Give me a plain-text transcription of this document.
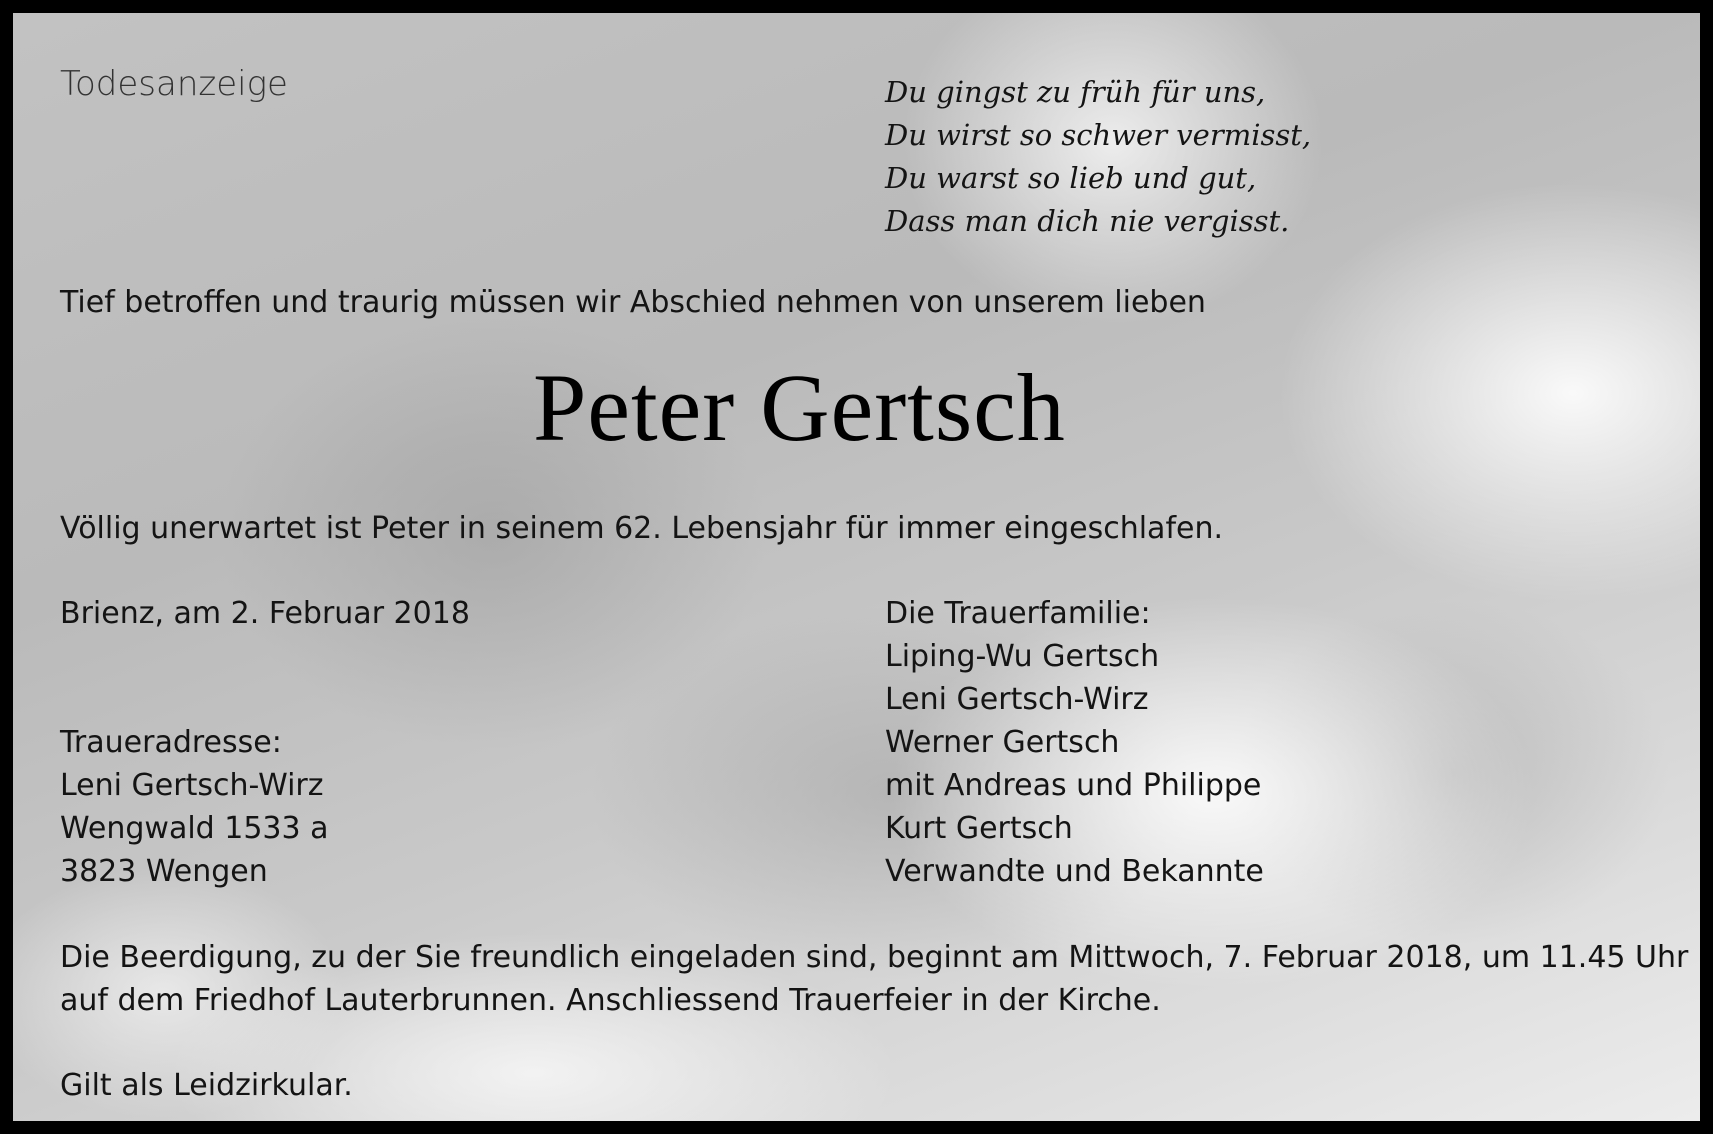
Todesanzeige	Du gingst zu früh für uns,
Du wirst so schwer vermisst,
Du warst so lieb und gut,
Dass man dich nie vergisst.
Tief betroffen und traurig müssen wir Abschied nehmen von unserem lieben
Peter Gertsch
Völlig unerwartet ist Peter in seinem 62. Lebensjahr für immer eingeschlafen.
Brienz, am 2. Februar 2018
Traueradresse:
Leni Gertsch-Wirz
Wengwald 1533 a
3823 Wengen
Die Trauerfamilie:
Liping-Wu Gertsch
Leni Gertsch-Wirz
Werner Gertsch
mit Andreas und Philippe
Kurt Gertsch
Verwandte und Bekannte
Die Beerdigung, zu der Sie freundlich eingeladen sind, beginnt am Mittwoch, 7. Februar 2018, um 11.45 Uhr
auf dem Friedhof Lauterbrunnen. Anschliessend Trauerfeier in der Kirche.
Gilt als Leidzirkular.
